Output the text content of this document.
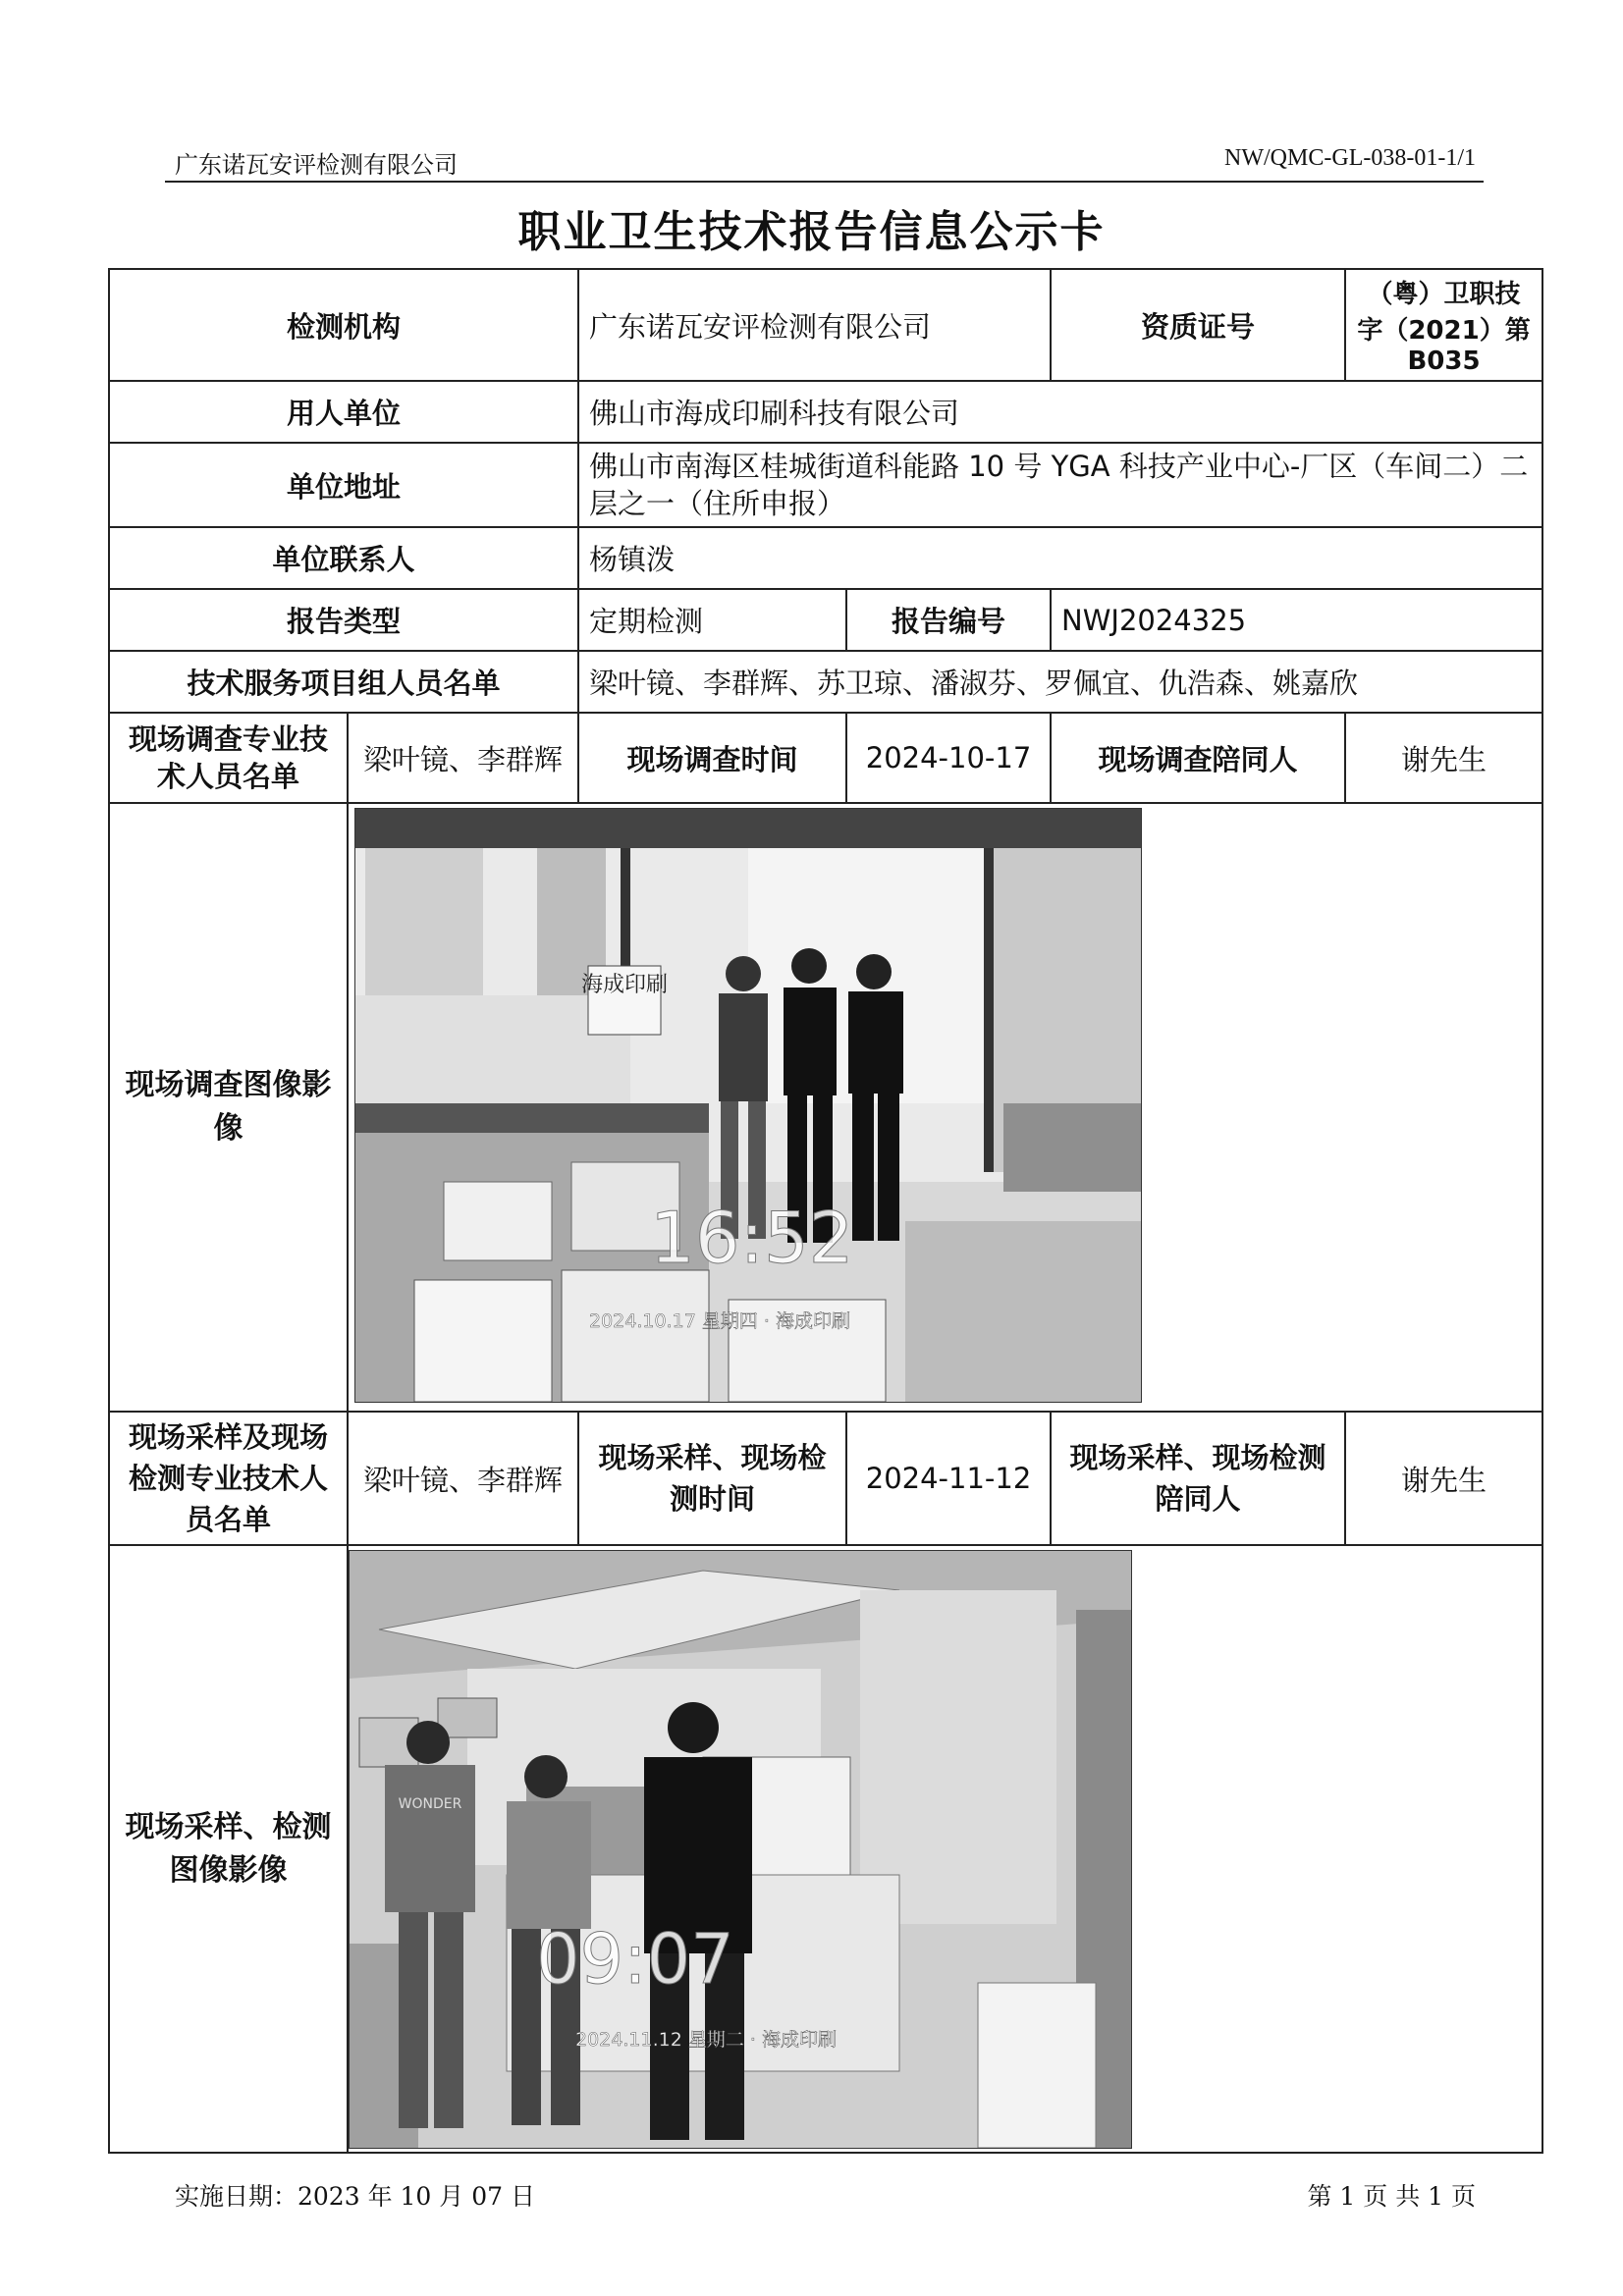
广东诺瓦安评检测有限公司	NW/QMC-GL-038-01-1/1
职业卫生技术报告信息公示卡
检测机构		广东诺瓦安评检测有限公司		资质证号	（粤）卫职技字（2021）第 B035
用人单位		佛山市海成印刷科技有限公司			
单位地址		佛山市南海区桂城街道科能路 10 号 YGA 科技产业中心-厂区（车间二）二层之一（住所申报）			
单位联系人		杨镇泼			
报告类型		定期检测	报告编号	NWJ2024325	
技术服务项目组人员名单		梁叶镜、李群辉、苏卫琼、潘淑芬、罗佩宜、仇浩森、姚嘉欣			
现场调查专业技术人员名单	梁叶镜、李群辉	现场调查时间	2024-10-17	现场调查陪同人	谢先生
现场调查图像影像	海成印刷
16:52
2024.10.17 星期四 · 海成印刷				

现场采样及现场检测专业技术人员名单	梁叶镜、李群辉	现场采样、现场检测时间	2024-11-12	现场采样、现场检测陪同人	谢先生
现场采样、检测图像影像	WONDER
09:07
2024.11.12 星期二 · 海成印刷				
实施日期：2023 年 10 月 07 日	第 1 页 共 1 页
